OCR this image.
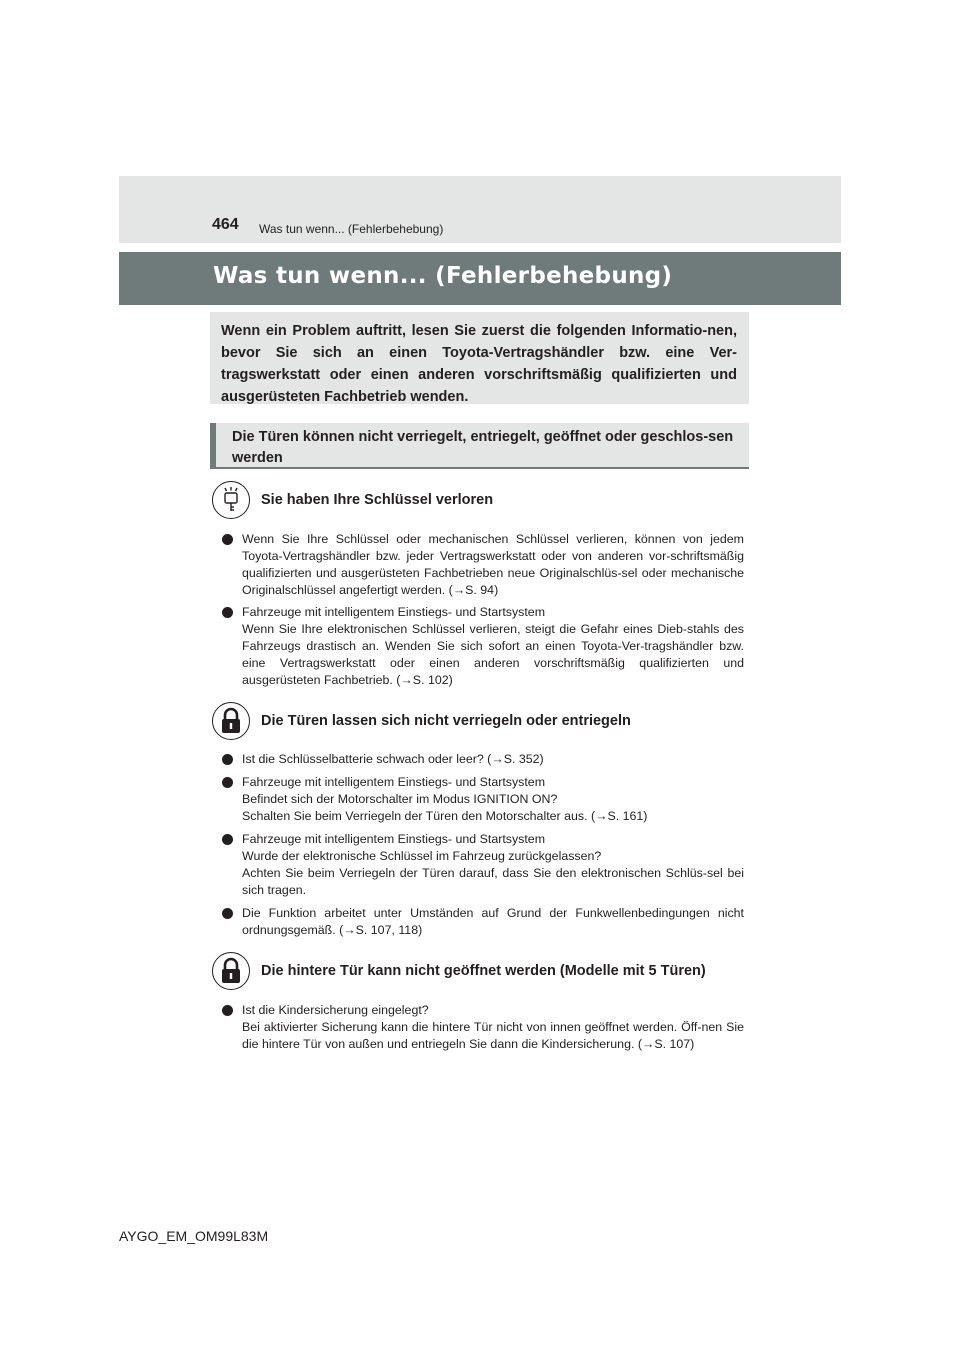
464 Was tun wenn... (Fehlerbehebung)
Was tun wenn... (Fehlerbehebung)
Wenn ein Problem auftritt, lesen Sie zuerst die folgenden Informatio-nen, bevor Sie sich an einen Toyota-Vertragshändler bzw. eine Ver-tragswerkstatt oder einen anderen vorschriftsmäßig qualifizierten und ausgerüsteten Fachbetrieb wenden.
Die Türen können nicht verriegelt, entriegelt, geöffnet oder geschlos-sen werden
Sie haben Ihre Schlüssel verloren
Wenn Sie Ihre Schlüssel oder mechanischen Schlüssel verlieren, können von jedem Toyota-Vertragshändler bzw. jeder Vertragswerkstatt oder von anderen vor-schriftsmäßig qualifizierten und ausgerüsteten Fachbetrieben neue Originalschlüs-sel oder mechanische Originalschlüssel angefertigt werden. (→S. 94)
Fahrzeuge mit intelligentem Einstiegs- und Startsystem
Wenn Sie Ihre elektronischen Schlüssel verlieren, steigt die Gefahr eines Dieb-stahls des Fahrzeugs drastisch an. Wenden Sie sich sofort an einen Toyota-Ver-tragshändler bzw. eine Vertragswerkstatt oder einen anderen vorschriftsmäßig qualifizierten und ausgerüsteten Fachbetrieb. (→S. 102)
Die Türen lassen sich nicht verriegeln oder entriegeln
Ist die Schlüsselbatterie schwach oder leer? (→S. 352)
Fahrzeuge mit intelligentem Einstiegs- und Startsystem
Befindet sich der Motorschalter im Modus IGNITION ON?
Schalten Sie beim Verriegeln der Türen den Motorschalter aus. (→S. 161)
Fahrzeuge mit intelligentem Einstiegs- und Startsystem
Wurde der elektronische Schlüssel im Fahrzeug zurückgelassen?
Achten Sie beim Verriegeln der Türen darauf, dass Sie den elektronischen Schlüs-sel bei sich tragen.
Die Funktion arbeitet unter Umständen auf Grund der Funkwellenbedingungen nicht ordnungsgemäß. (→S. 107, 118)
Die hintere Tür kann nicht geöffnet werden (Modelle mit 5 Türen)
Ist die Kindersicherung eingelegt?
Bei aktivierter Sicherung kann die hintere Tür nicht von innen geöffnet werden. Öff-nen Sie die hintere Tür von außen und entriegeln Sie dann die Kindersicherung. (→S. 107)
AYGO_EM_OM99L83M
